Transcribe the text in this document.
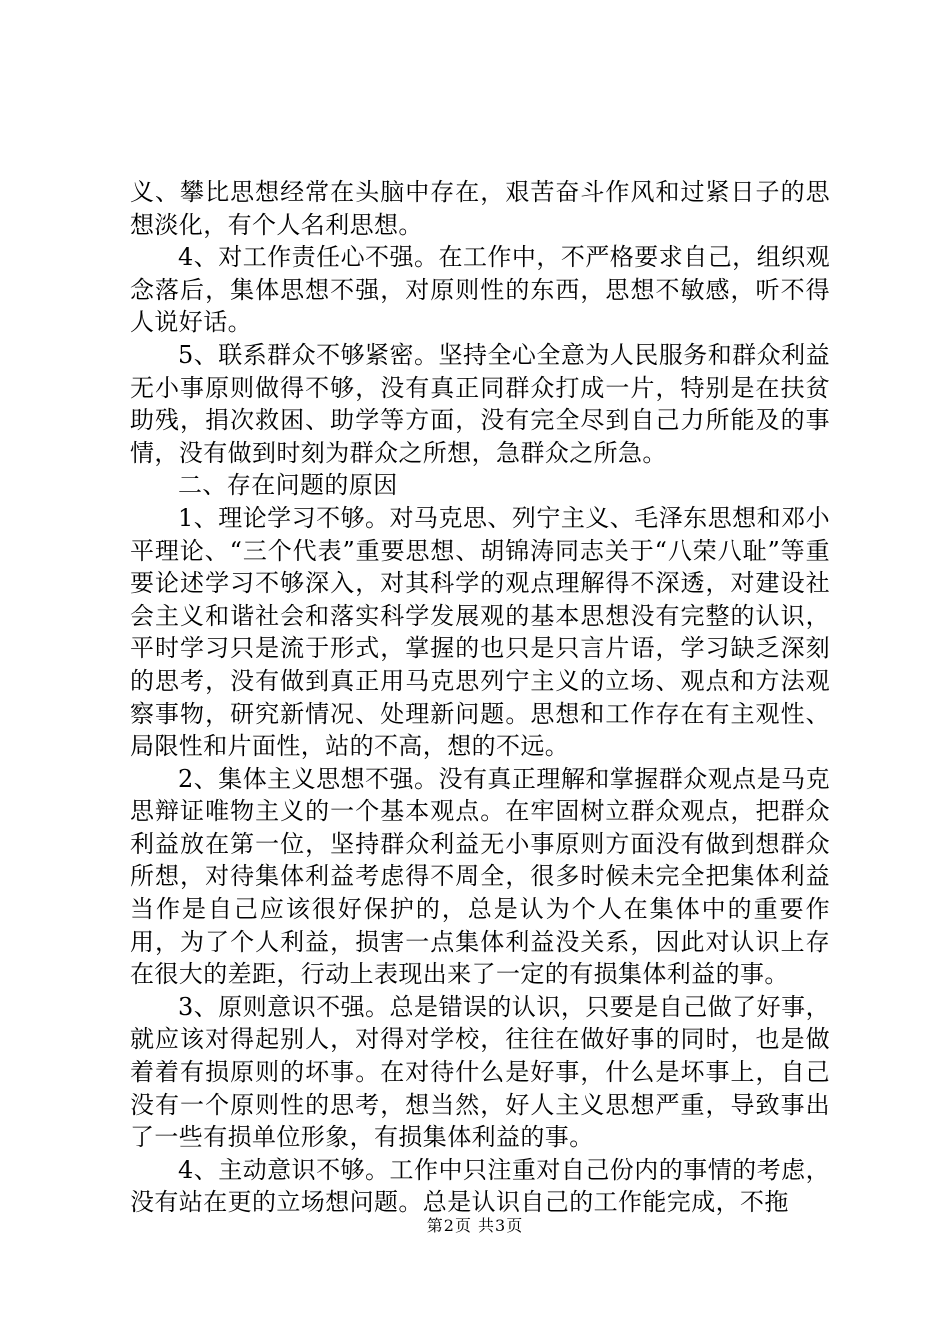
义、攀比思想经常在头脑中存在，艰苦奋斗作风和过紧日子的思想淡化，有个人名利思想。

4、对工作责任心不强。在工作中，不严格要求自己，组织观念落后，集体思想不强，对原则性的东西，思想不敏感，听不得人说好话。

5、联系群众不够紧密。坚持全心全意为人民服务和群众利益无小事原则做得不够，没有真正同群众打成一片，特别是在扶贫助残，捐次救困、助学等方面，没有完全尽到自己力所能及的事情，没有做到时刻为群众之所想，急群众之所急。

二、存在问题的原因

1、理论学习不够。对马克思、列宁主义、毛泽东思想和邓小平理论、“三个代表”重要思想、胡锦涛同志关于“八荣八耻”等重要论述学习不够深入，对其科学的观点理解得不深透，对建设社会主义和谐社会和落实科学发展观的基本思想没有完整的认识，平时学习只是流于形式，掌握的也只是只言片语，学习缺乏深刻的思考，没有做到真正用马克思列宁主义的立场、观点和方法观察事物，研究新情况、处理新问题。思想和工作存在有主观性、局限性和片面性，站的不高，想的不远。

2、集体主义思想不强。没有真正理解和掌握群众观点是马克思辩证唯物主义的一个基本观点。在牢固树立群众观点，把群众利益放在第一位，坚持群众利益无小事原则方面没有做到想群众所想，对待集体利益考虑得不周全，很多时候未完全把集体利益当作是自己应该很好保护的，总是认为个人在集体中的重要作用，为了个人利益，损害一点集体利益没关系，因此对认识上存在很大的差距，行动上表现出来了一定的有损集体利益的事。

3、原则意识不强。总是错误的认识，只要是自己做了好事，就应该对得起别人，对得对学校，往往在做好事的同时，也是做着着有损原则的坏事。在对待什么是好事，什么是坏事上，自己没有一个原则性的思考，想当然，好人主义思想严重，导致事出了一些有损单位形象，有损集体利益的事。

4、主动意识不够。工作中只注重对自己份内的事情的考虑，没有站在更的立场想问题。总是认识自己的工作能完成，不拖

第2页 共3页
